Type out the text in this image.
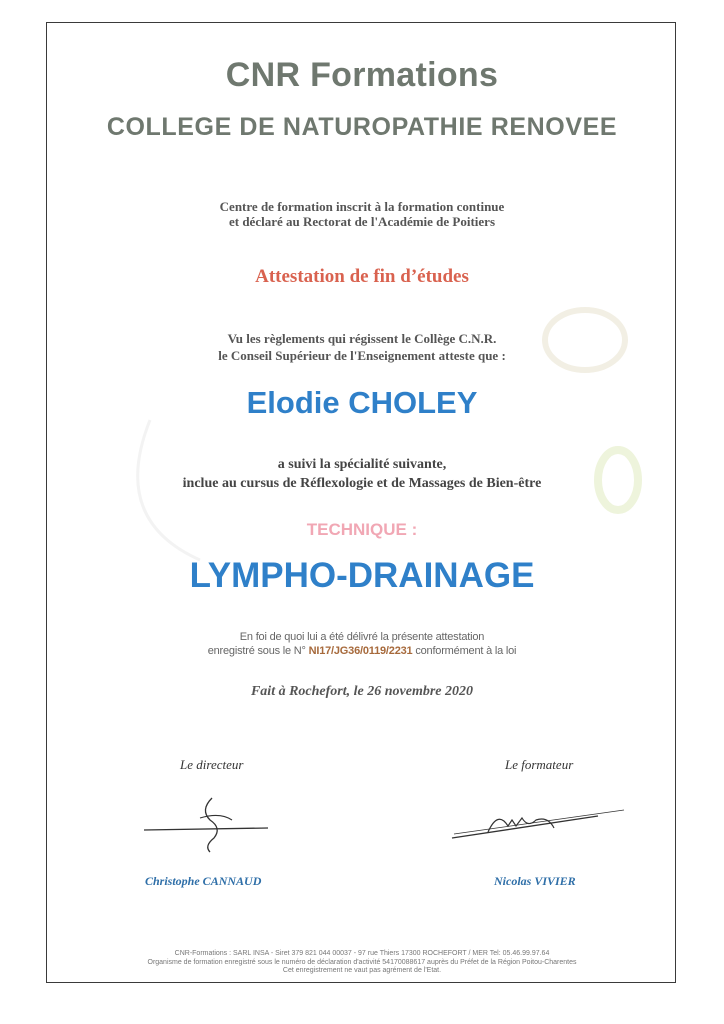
CNR Formations
COLLEGE DE NATUROPATHIE RENOVEE
Centre de formation inscrit à la formation continue
et déclaré au Rectorat de l'Académie de Poitiers
Attestation de fin d’études
Vu les règlements qui régissent le Collège C.N.R.
le Conseil Supérieur de l'Enseignement atteste que :
Elodie CHOLEY
a suivi la spécialité suivante,
inclue au cursus de Réflexologie et de Massages de Bien-être
TECHNIQUE :
LYMPHO-DRAINAGE
En foi de quoi lui a été délivré la présente attestation
enregistré sous le N° NI17/JG36/0119/2231 conformément à la loi
Fait à Rochefort, le 26 novembre 2020
Le directeur	Le formateur
Christophe CANNAUD	Nicolas VIVIER
CNR-Formations : SARL INSA - Siret 379 821 044 00037 - 97 rue Thiers 17300 ROCHEFORT / MER Tel: 05.46.99.97.64
Organisme de formation enregistré sous le numéro de déclaration d'activité 54170088617 auprès du Préfet de la Région Poitou-Charentes
Cet enregistrement ne vaut pas agrément de l'Etat.
